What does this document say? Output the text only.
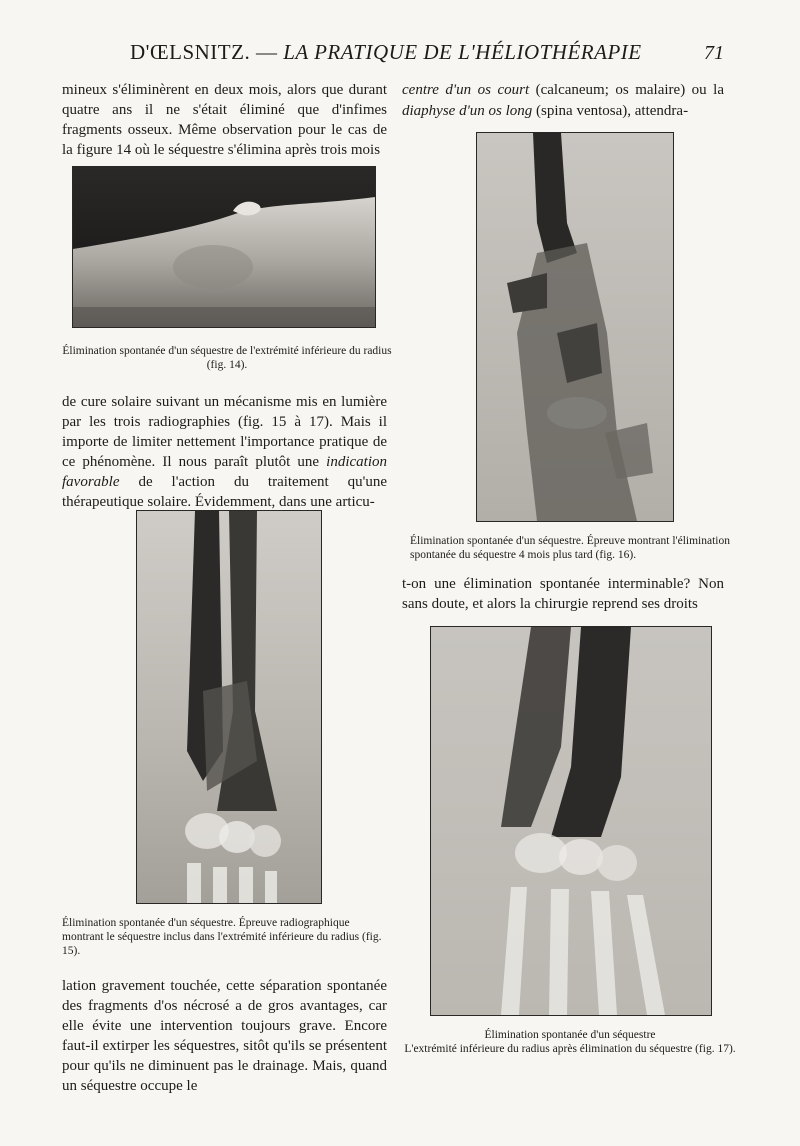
D'ŒLSNITZ. — LA PRATIQUE DE L'HÉLIOTHÉRAPIE	71

mineux s'éliminèrent en deux mois, alors que durant quatre ans il ne s'était éliminé que d'infimes fragments osseux. Même observation pour le cas de la figure 14 où le séquestre s'élimina après trois mois

Élimination spontanée d'un séquestre de l'extrémité inférieure du radius (fig. 14).

de cure solaire suivant un mécanisme mis en lumière par les trois radiographies (fig. 15 à 17). Mais il importe de limiter nettement l'importance pratique de ce phénomène. Il nous paraît plutôt une indication favorable de l'action du traitement qu'une thérapeutique solaire. Évidemment, dans une articu-

Élimination spontanée d'un séquestre. Épreuve radiographique montrant le séquestre inclus dans l'extrémité inférieure du radius (fig. 15).

lation gravement touchée, cette séparation spontanée des fragments d'os nécrosé a de gros avantages, car elle évite une intervention toujours grave. Encore faut-il extirper les séquestres, sitôt qu'ils se présentent pour qu'ils ne diminuent pas le drainage. Mais, quand un séquestre occupe le

centre d'un os court (calcaneum; os malaire) ou la diaphyse d'un os long (spina ventosa), attendra-

Élimination spontanée d'un séquestre. Épreuve montrant l'élimination spontanée du séquestre 4 mois plus tard (fig. 16).

t-on une élimination spontanée interminable? Non sans doute, et alors la chirurgie reprend ses droits

Élimination spontanée d'un séquestre
L'extrémité inférieure du radius après élimination du séquestre (fig. 17).
